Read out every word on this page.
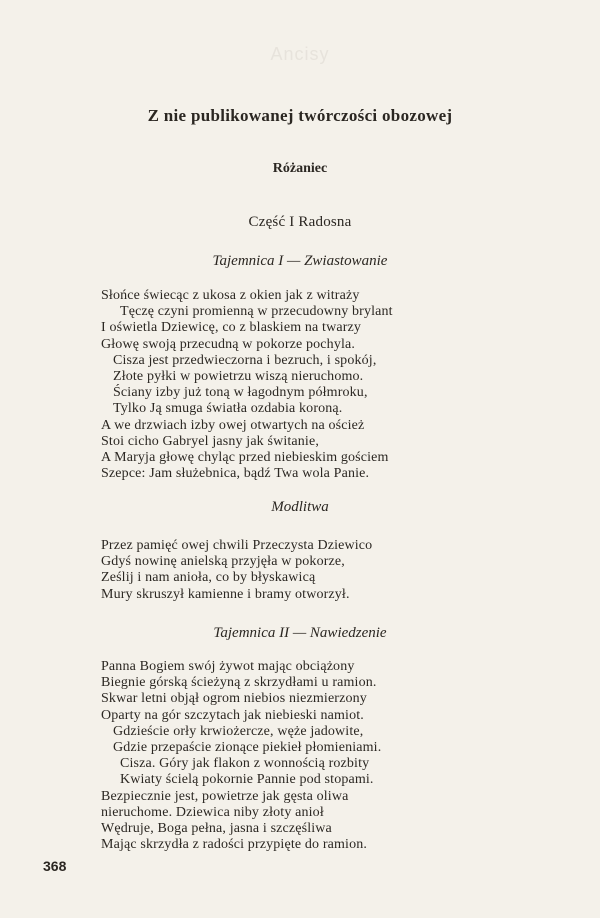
Ancisy
Z nie publikowanej twórczości obozowej
Różaniec
Część I Radosna
Tajemnica I — Zwiastowanie
Słońce świecąc z ukosa z okien jak z witraży
Tęczę czyni promienną w przecudowny brylant
I oświetla Dziewicę, co z blaskiem na twarzy
Głowę swoją przecudną w pokorze pochyla.
Cisza jest przedwieczorna i bezruch, i spokój,
Złote pyłki w powietrzu wiszą nieruchomo.
Ściany izby już toną w łagodnym półmroku,
Tylko Ją smuga światła ozdabia koroną.
A we drzwiach izby owej otwartych na oścież
Stoi cicho Gabryel jasny jak świtanie,
A Maryja głowę chyląc przed niebieskim gościem
Szepce: Jam służebnica, bądź Twa wola Panie.
Modlitwa
Przez pamięć owej chwili Przeczysta Dziewico
Gdyś nowinę anielską przyjęła w pokorze,
Ześlij i nam anioła, co by błyskawicą
Mury skruszył kamienne i bramy otworzył.
Tajemnica II — Nawiedzenie
Panna Bogiem swój żywot mając obciążony
Biegnie górską ścieżyną z skrzydłami u ramion.
Skwar letni objął ogrom niebios niezmierzony
Oparty na gór szczytach jak niebieski namiot.
Gdzieście orły krwiożercze, węże jadowite,
Gdzie przepaście zionące piekieł płomieniami.
Cisza. Góry jak flakon z wonnością rozbity
Kwiaty ścielą pokornie Pannie pod stopami.
Bezpiecznie jest, powietrze jak gęsta oliwa
nieruchome. Dziewica niby złoty anioł
Wędruje, Boga pełna, jasna i szczęśliwa
Mając skrzydła z radości przypięte do ramion.
368
